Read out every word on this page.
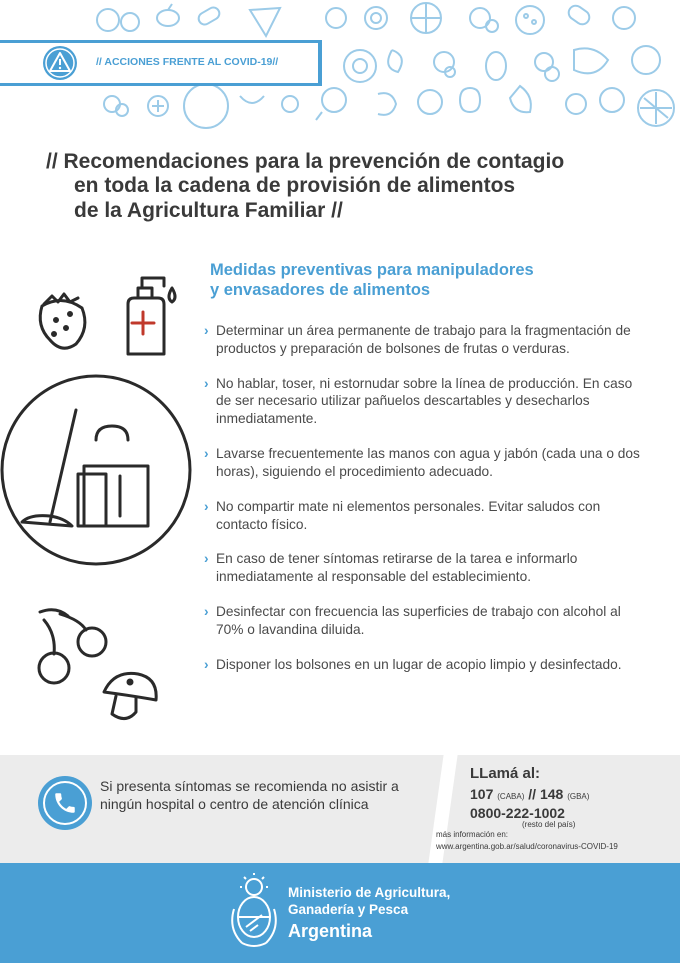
// ACCIONES FRENTE AL COVID-19//
// Recomendaciones para la prevención de contagio
en toda la cadena de provisión de alimentos
de la Agricultura Familiar //
Medidas preventivas para manipuladores
y envasadores de alimentos
› Determinar un área permanente de trabajo para la fragmentación de productos y preparación de bolsones de frutas o verduras.
› No hablar, toser, ni estornudar sobre la línea de producción. En caso de ser necesario utilizar pañuelos descartables y desecharlos inmediatamente.
› Lavarse frecuentemente las manos con agua y jabón (cada una o dos horas), siguiendo el procedimiento adecuado.
› No compartir mate ni elementos personales. Evitar saludos con contacto físico.
› En caso de tener síntomas retirarse de la tarea e informarlo inmediatamente al responsable del establecimiento.
› Desinfectar con frecuencia las superficies de trabajo con alcohol al 70% o lavandina diluida.
› Disponer los bolsones en un lugar de acopio limpio y desinfectado.

Si presenta síntomas se recomienda no asistir a ningún hospital o centro de atención clínica

LLamá al:
107 (CABA) // 148 (GBA)
0800-222-1002
(resto del país)
más información en:
www.argentina.gob.ar/salud/coronavirus-COVID-19
Ministerio de Agricultura,
Ganadería y Pesca
Argentina
